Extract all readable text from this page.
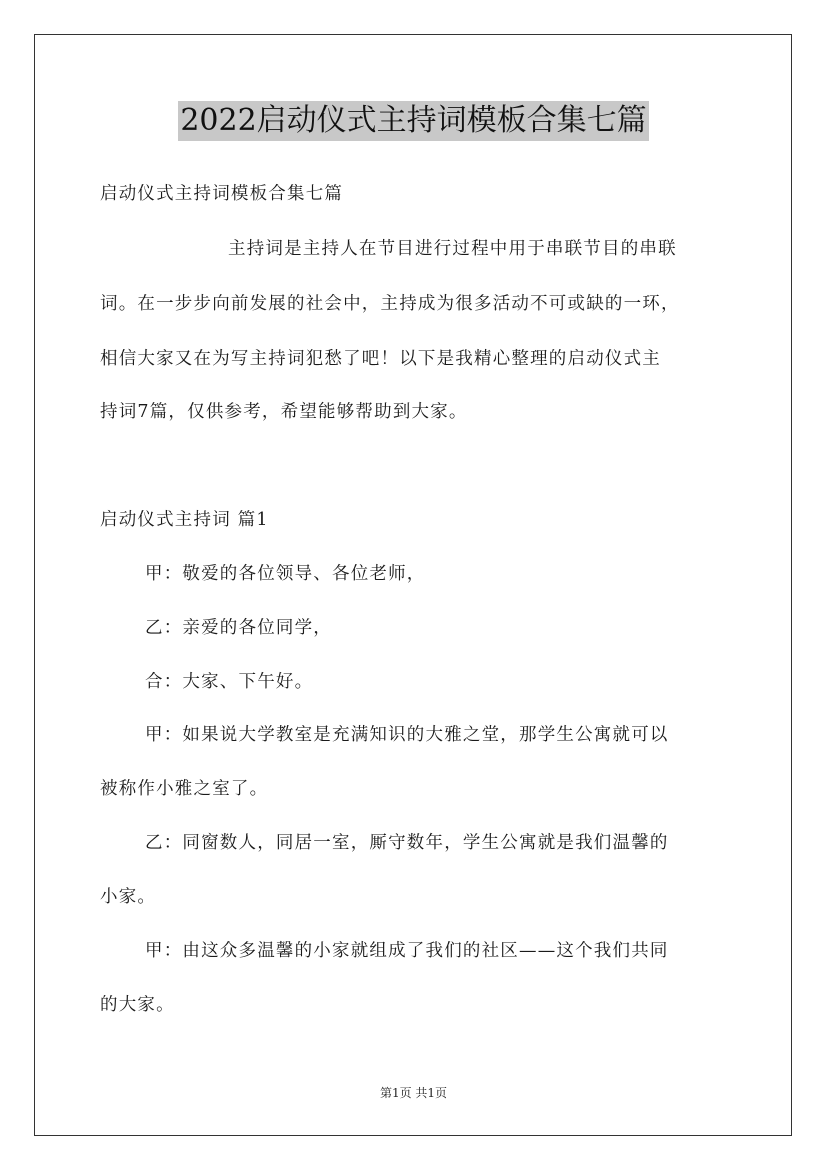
2022启动仪式主持词模板合集七篇
启动仪式主持词模板合集七篇
主持词是主持人在节目进行过程中用于串联节目的串联
词。在一步步向前发展的社会中，主持成为很多活动不可或缺的一环，
相信大家又在为写主持词犯愁了吧！以下是我精心整理的启动仪式主
持词7篇，仅供参考，希望能够帮助到大家。
启动仪式主持词 篇1
甲：敬爱的各位领导、各位老师，
乙：亲爱的各位同学，
合：大家、下午好。
甲：如果说大学教室是充满知识的大雅之堂，那学生公寓就可以
被称作小雅之室了。
乙：同窗数人，同居一室，厮守数年，学生公寓就是我们温馨的
小家。
甲：由这众多温馨的小家就组成了我们的社区——这个我们共同
的大家。
第1页 共1页
